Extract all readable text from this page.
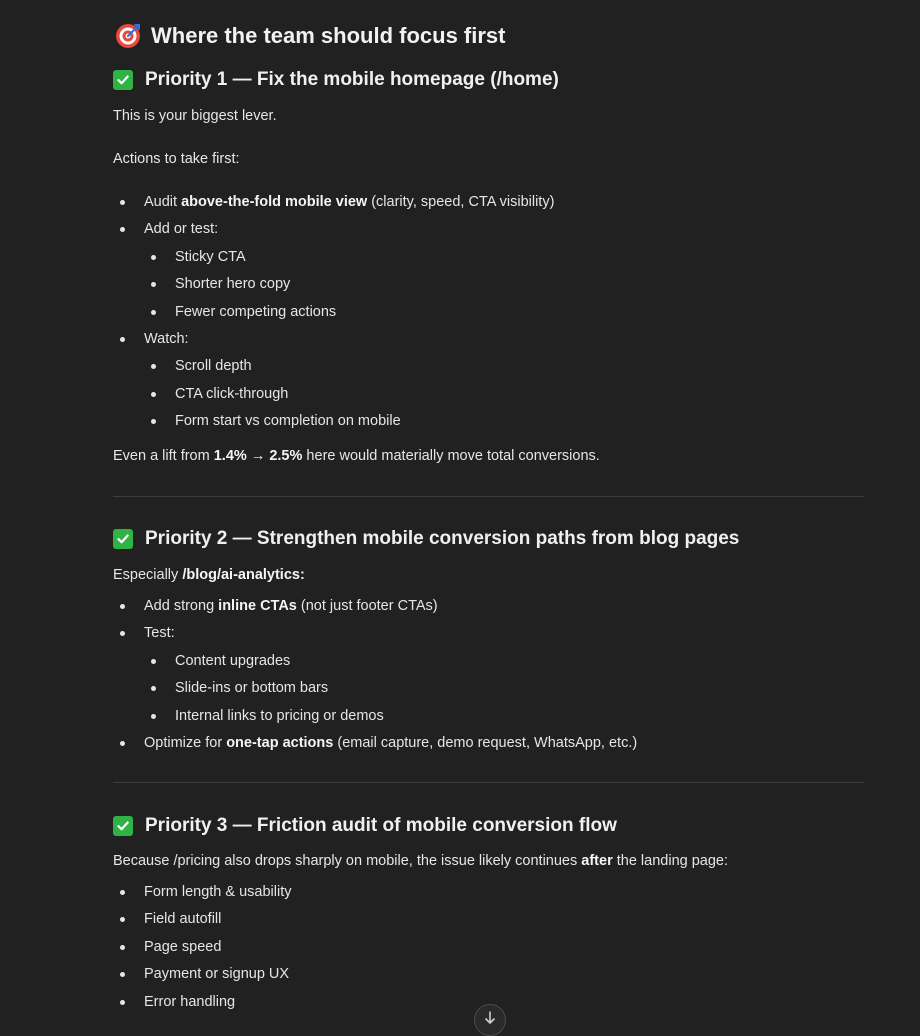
Where the team should focus first
Priority 1 — Fix the mobile homepage (/home)

This is your biggest lever.

Actions to take first:

Audit above-the-fold mobile view (clarity, speed, CTA visibility)
Add or test:
Sticky CTA
Shorter hero copy
Fewer competing actions
Watch:
Scroll depth
CTA click-through
Form start vs completion on mobile

Even a lift from 1.4% → 2.5% here would materially move total conversions.

Priority 2 — Strengthen mobile conversion paths from blog pages

Especially /blog/ai-analytics:

Add strong inline CTAs (not just footer CTAs)
Test:
Content upgrades
Slide-ins or bottom bars
Internal links to pricing or demos
Optimize for one-tap actions (email capture, demo request, WhatsApp, etc.)
Priority 3 — Friction audit of mobile conversion flow

Because /pricing also drops sharply on mobile, the issue likely continues after the landing page:

Form length & usability
Field autofill
Page speed
Payment or signup UX
Error handling
